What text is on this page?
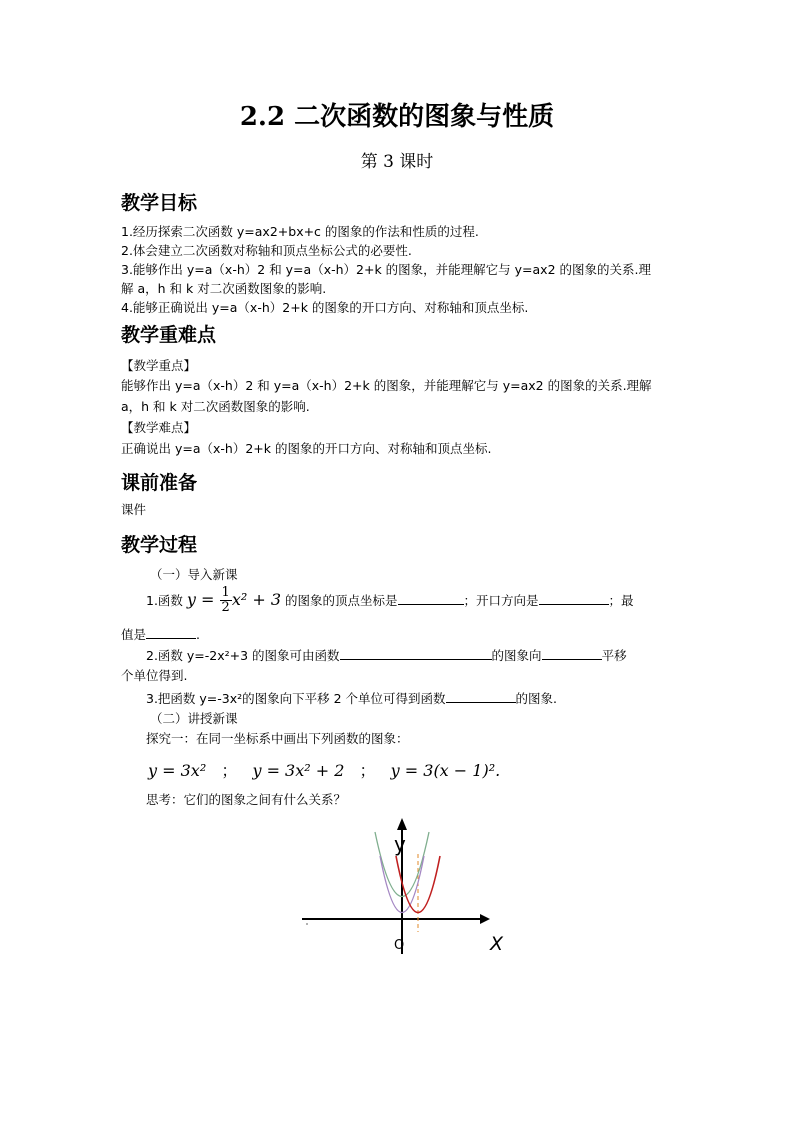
2.2 二次函数的图象与性质
第 3 课时
教学目标
1.经历探索二次函数 y=ax2+bx+c 的图象的作法和性质的过程.
2.体会建立二次函数对称轴和顶点坐标公式的必要性.
3.能够作出 y=a（x-h）2 和 y=a（x-h）2+k 的图象，并能理解它与 y=ax2 的图象的关系.理
解 a，h 和 k 对二次函数图象的影响.
4.能够正确说出 y=a（x-h）2+k 的图象的开口方向、对称轴和顶点坐标.
教学重难点
【教学重点】
能够作出 y=a（x-h）2 和 y=a（x-h）2+k 的图象，并能理解它与 y=ax2 的图象的关系.理解
a，h 和 k 对二次函数图象的影响.
【教学难点】
正确说出 y=a（x-h）2+k 的图象的开口方向、对称轴和顶点坐标.
课前准备
课件
教学过程
（一）导入新课
1.函数 $y = \frac{1}{2} x^2 + 3$ 的图象的顶点坐标是	；开口方向是	；最
值是	.
2.函数 y=-2x²+3 的图象可由函数	的图象向	平移
个单位得到.
3.把函数 y=-3x²的图象向下平移 2 个单位可得到函数	的图象.
（二）讲授新课
探究一：在同一坐标系中画出下列函数的图象：
y = 3x² ； y = 3x² + 2 ； y = 3(x − 1)².
思考：它们的图象之间有什么关系？
y
O	X
